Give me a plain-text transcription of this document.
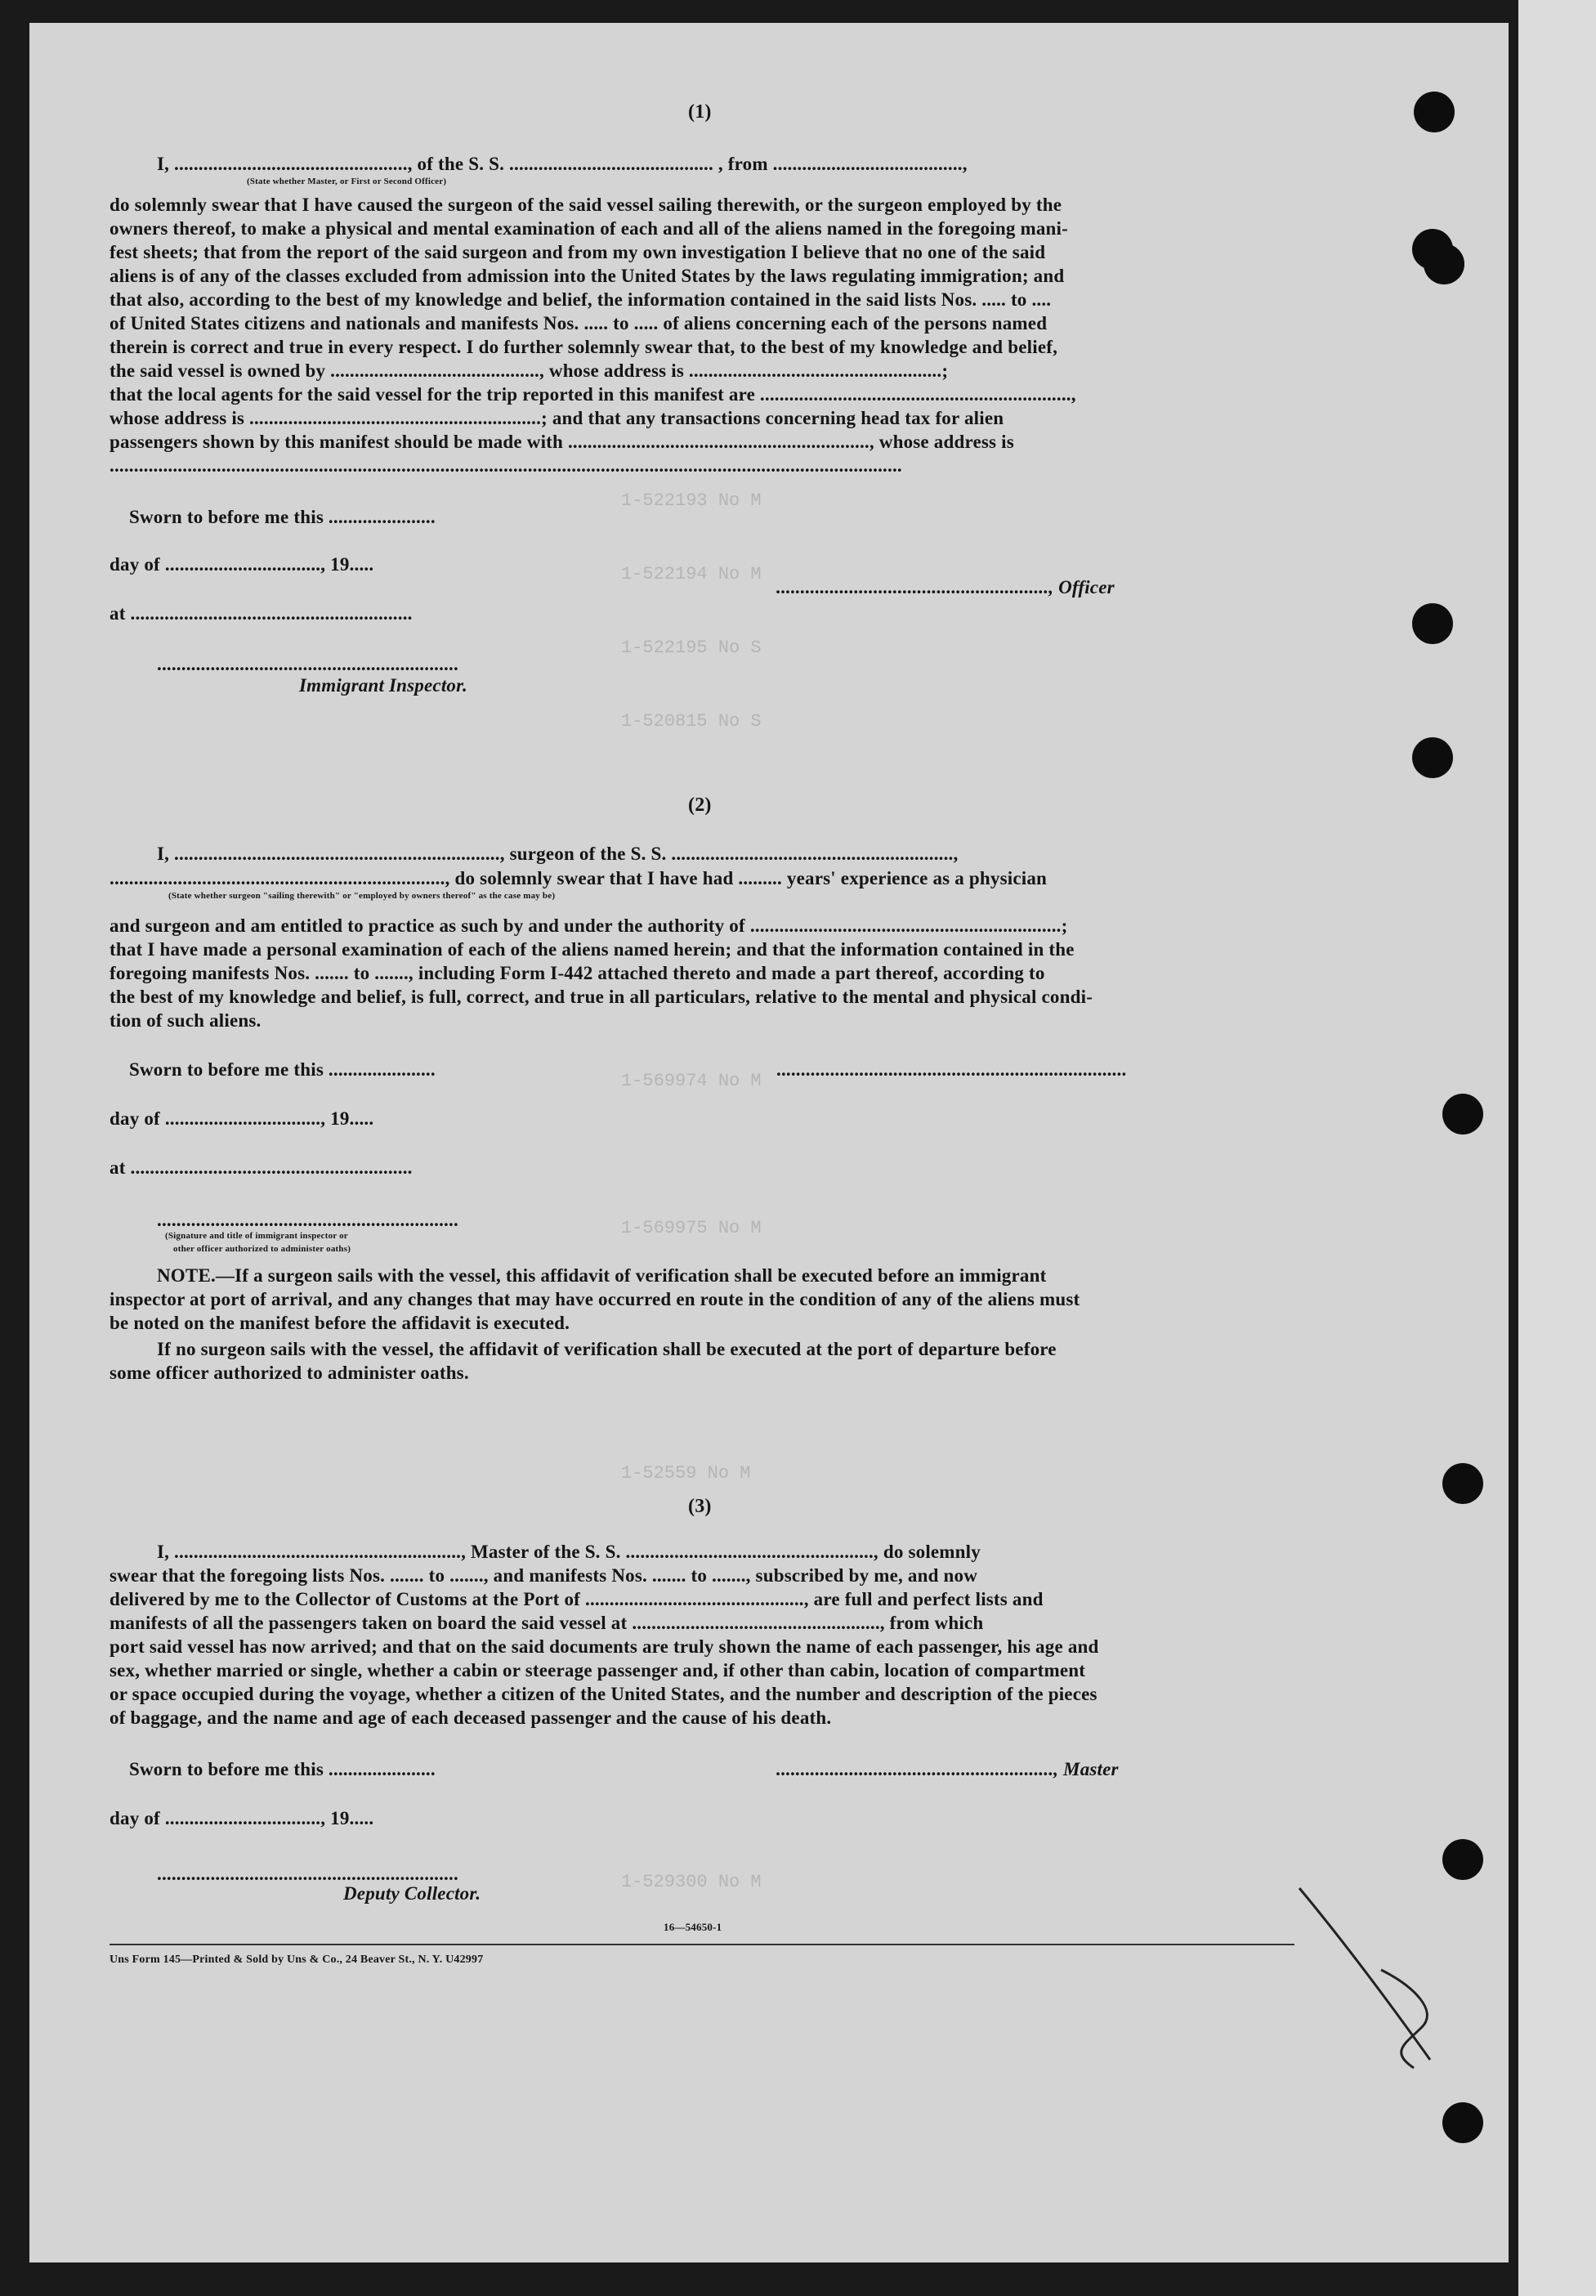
1-522193 No M
1-522194 No M
1-522195 No S
1-520815 No S
1-569974 No M
1-569975 No M
1-52559 No M
1-529300 No M
(1)
I, ................................................, of the S. S. .......................................... , from .......................................,
(State whether Master, or First or Second Officer)
do solemnly swear that I have caused the surgeon of the said vessel sailing therewith, or the surgeon employed by the
owners thereof, to make a physical and mental examination of each and all of the aliens named in the foregoing mani-
fest sheets; that from the report of the said surgeon and from my own investigation I believe that no one of the said
aliens is of any of the classes excluded from admission into the United States by the laws regulating immigration; and
that also, according to the best of my knowledge and belief, the information contained in the said lists Nos. ..... to ....
of United States citizens and nationals and manifests Nos. ..... to ..... of aliens concerning each of the persons named
therein is correct and true in every respect. I do further solemnly swear that, to the best of my knowledge and belief,
the said vessel is owned by ..........................................., whose address is ....................................................;
that the local agents for the said vessel for the trip reported in this manifest are ................................................................,
whose address is ............................................................; and that any transactions concerning head tax for alien
passengers shown by this manifest should be made with .............................................................., whose address is
...................................................................................................................................................................
Sworn to before me this ......................
day of ................................, 19.....
........................................................, Officer
at ..........................................................
..............................................................
Immigrant Inspector.
(2)
I, ..................................................................., surgeon of the S. S. ..........................................................,
....................................................................., do solemnly swear that I have had ......... years' experience as a physician
(State whether surgeon "sailing therewith" or "employed by owners thereof" as the case may be)
and surgeon and am entitled to practice as such by and under the authority of ................................................................;
that I have made a personal examination of each of the aliens named herein; and that the information contained in the
foregoing manifests Nos. ....... to ......., including Form I-442 attached thereto and made a part thereof, according to
the best of my knowledge and belief, is full, correct, and true in all particulars, relative to the mental and physical condi-
tion of such aliens.
Sworn to before me this ......................	........................................................................
day of ................................, 19.....
at ..........................................................
..............................................................
(Signature and title of immigrant inspector or
other officer authorized to administer oaths)
NOTE.—If a surgeon sails with the vessel, this affidavit of verification shall be executed before an immigrant
inspector at port of arrival, and any changes that may have occurred en route in the condition of any of the aliens must
be noted on the manifest before the affidavit is executed.
If no surgeon sails with the vessel, the affidavit of verification shall be executed at the port of departure before
some officer authorized to administer oaths.
(3)
I, ..........................................................., Master of the S. S. ..................................................., do solemnly
swear that the foregoing lists Nos. ....... to ......., and manifests Nos. ....... to ......., subscribed by me, and now
delivered by me to the Collector of Customs at the Port of ............................................., are full and perfect lists and
manifests of all the passengers taken on board the said vessel at ..................................................., from which
port said vessel has now arrived; and that on the said documents are truly shown the name of each passenger, his age and
sex, whether married or single, whether a cabin or steerage passenger and, if other than cabin, location of compartment
or space occupied during the voyage, whether a citizen of the United States, and the number and description of the pieces
of baggage, and the name and age of each deceased passenger and the cause of his death.
Sworn to before me this ......................	........................................................., Master
day of ................................, 19.....
..............................................................
Deputy Collector.
16—54650-1
Uns Form 145—Printed & Sold by Uns & Co., 24 Beaver St., N. Y. U42997
